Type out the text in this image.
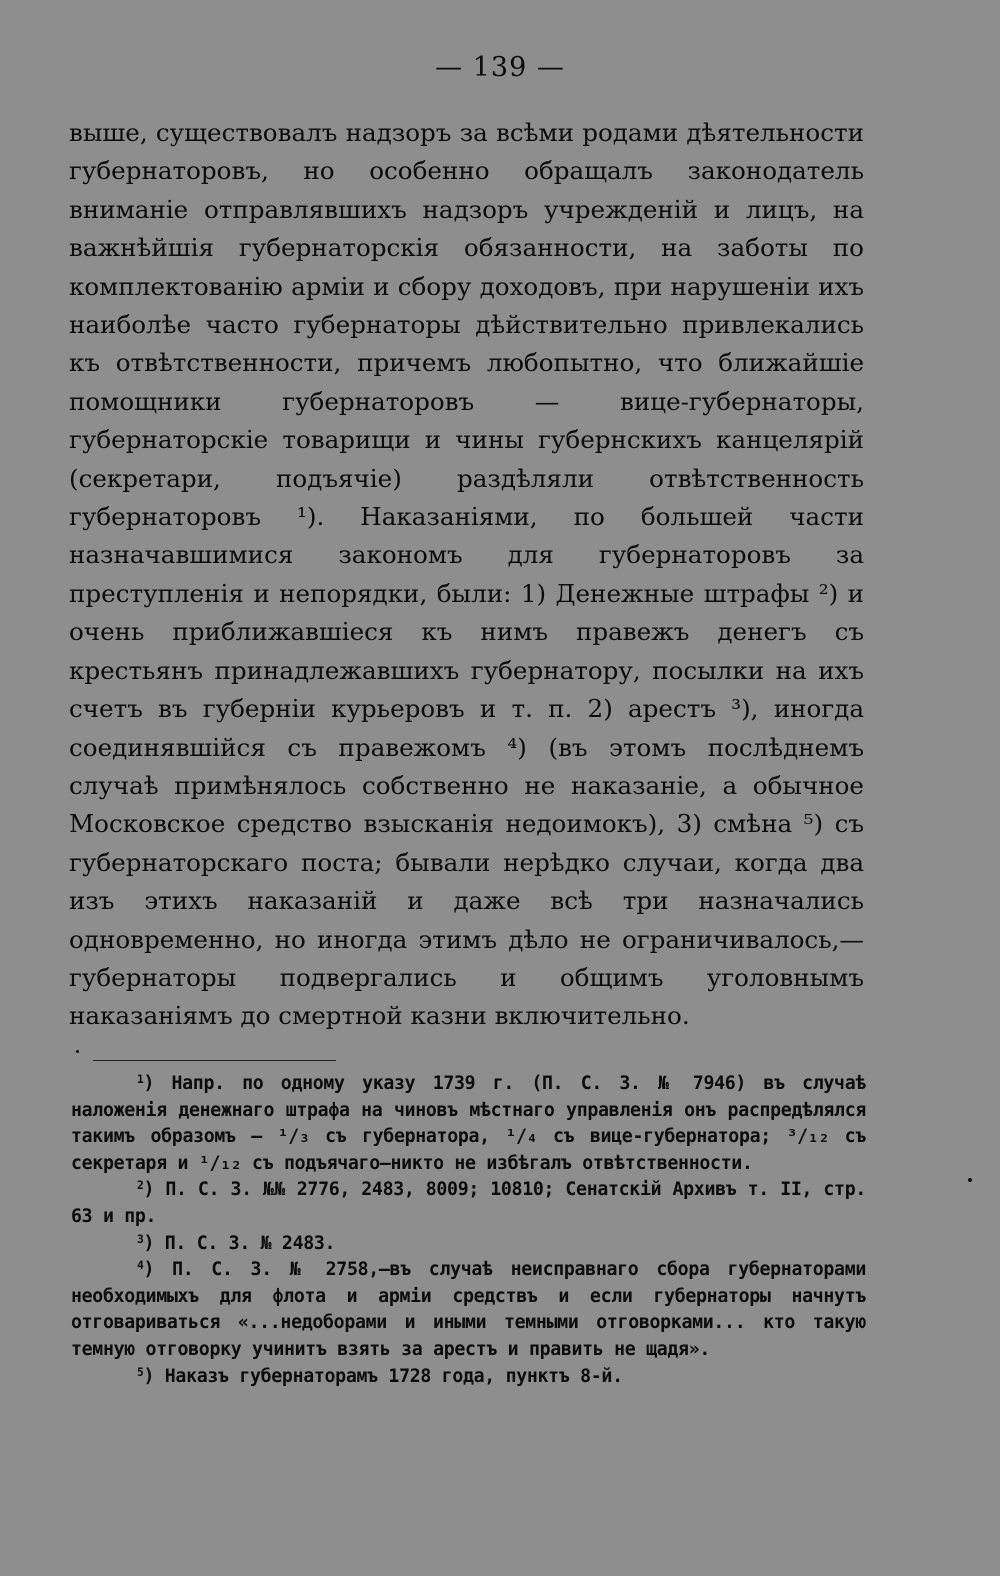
— 139 —

выше, существовалъ надзоръ за всѣми родами дѣятельности губернаторовъ, но особенно обращалъ законодатель вниманіе отправлявшихъ надзоръ учрежденій и лицъ, на важнѣйшія губернаторскія обязанности, на заботы по комплектованію арміи и сбору доходовъ, при нарушеніи ихъ наиболѣе часто губернаторы дѣйствительно привлекались къ отвѣтственности, причемъ любопытно, что ближайшіе помощники губернаторовъ — вице-губернаторы, губернаторскіе товарищи и чины губернскихъ канцелярій (секретари, подъячіе) раздѣляли отвѣтственность губернаторовъ ¹). Наказаніями, по большей части назначавшимися закономъ для губернаторовъ за преступленія и непорядки, были: 1) Денежные штрафы ²) и очень приближавшіеся къ нимъ правежъ денегъ съ крестьянъ принадлежавшихъ губернатору, посылки на ихъ счетъ въ губерніи курьеровъ и т. п. 2) арестъ ³), иногда соединявшійся съ правежомъ ⁴) (въ этомъ послѣднемъ случаѣ примѣнялось собственно не наказаніе, а обычное Московское средство взысканія недоимокъ), 3) смѣна ⁵) съ губернаторскаго поста; бывали нерѣдко случаи, когда два изъ этихъ наказаній и даже всѣ три назначались одновременно, но иногда этимъ дѣло не ограничивалось,—губернаторы подвергались и общимъ уголовнымъ наказаніямъ до смертной казни включительно.

$^1$) Напр. по одному указу 1739 г. (П. С. З. № 7946) въ случаѣ наложенія денежнаго штрафа на чиновъ мѣстнаго управленія онъ распредѣлялся такимъ образомъ — ¹/₃ съ губернатора, ¹/₄ съ вице-губернатора; ³/₁₂ съ секретаря и ¹/₁₂ съ подъячаго—никто не избѣгалъ отвѣтственности.

$^2$) П. С. З. №№ 2776, 2483, 8009; 10810; Сенатскій Архивъ т. II, стр. 63 и пр.

$^3$) П. С. З. № 2483.

$^4$) П. С. З. № 2758,—въ случаѣ неисправнаго сбора губернаторами необходимыхъ для флота и арміи средствъ и если губернаторы начнутъ отговариваться «...недоборами и иными темными отговорками... кто такую темную отговорку учинитъ взять за арестъ и править не щадя».

$^5$) Наказъ губернаторамъ 1728 года, пунктъ 8-й.
